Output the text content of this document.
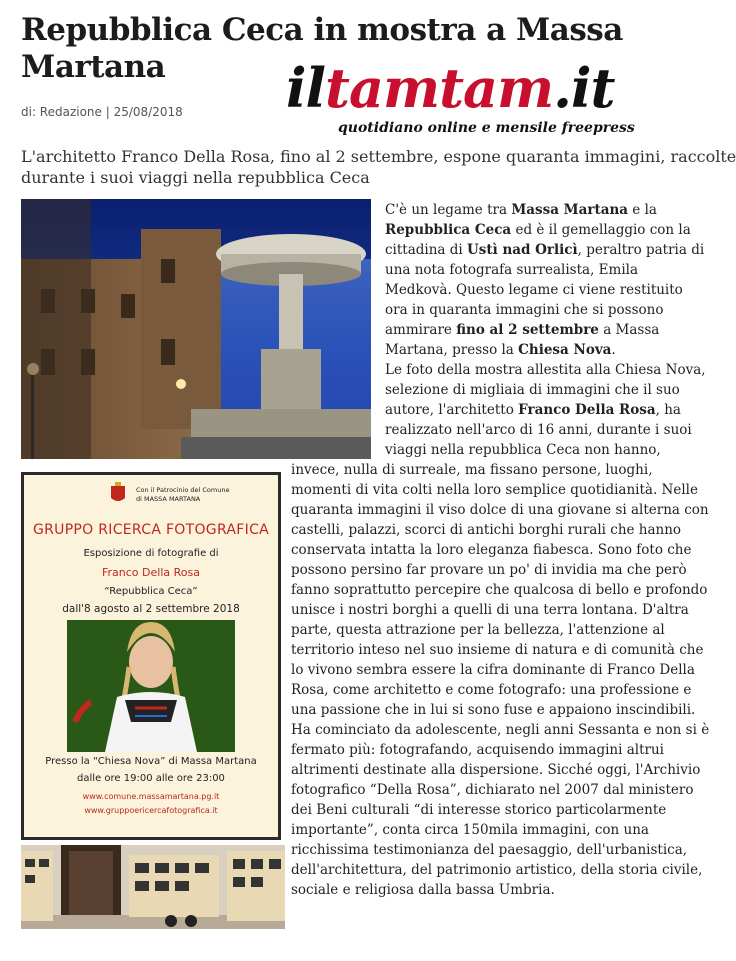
Repubblica Ceca in mostra a Massa
Martana	iltamtam.it
quotidiano online e mensile freepress
di: Redazione | 25/08/2018
L'architetto Franco Della Rosa, fino al 2 settembre, espone quaranta immagini, raccolte
durante i suoi viaggi nella repubblica Ceca
Con il Patrocinio del Comune
di MASSA MARTANA
GRUPPO RICERCA FOTOGRAFICA
Esposizione di fotografie di
Franco Della Rosa
“Repubblica Ceca”
dall'8 agosto al 2 settembre 2018
Presso la “Chiesa Nova” di Massa Martana
dalle ore 19:00 alle ore 23:00
www.comune.massamartana.pg.it
www.gruppoericercafotografica.it
C'è un legame tra Massa Martana e la
Repubblica Ceca ed è il gemellaggio con la
cittadina di Ustì nad Orlicì, peraltro patria di
una nota fotografa surrealista, Emila
Medkovà. Questo legame ci viene restituito
ora in quaranta immagini che si possono
ammirare fino al 2 settembre a Massa
Martana, presso la Chiesa Nova.
Le foto della mostra allestita alla Chiesa Nova,
selezione di migliaia di immagini che il suo
autore, l'architetto Franco Della Rosa, ha
realizzato nell'arco di 16 anni, durante i suoi
viaggi nella repubblica Ceca non hanno,
invece, nulla di surreale, ma fissano persone, luoghi,
momenti di vita colti nella loro semplice quotidianità. Nelle
quaranta immagini il viso dolce di una giovane si alterna con
castelli, palazzi, scorci di antichi borghi rurali che hanno
conservata intatta la loro eleganza fiabesca. Sono foto che
possono persino far provare un po' di invidia ma che però
fanno soprattutto percepire che qualcosa di bello e profondo
unisce i nostri borghi a quelli di una terra lontana. D'altra
parte, questa attrazione per la bellezza, l'attenzione al
territorio inteso nel suo insieme di natura e di comunità che
lo vivono sembra essere la cifra dominante di Franco Della
Rosa, come architetto e come fotografo: una professione e
una passione che in lui si sono fuse e appaiono inscindibili.
Ha cominciato da adolescente, negli anni Sessanta e non si è
fermato più: fotografando, acquisendo immagini altrui
altrimenti destinate alla dispersione. Sicché oggi, l'Archivio
fotografico “Della Rosa”, dichiarato nel 2007 dal ministero
dei Beni culturali “di interesse storico particolarmente
importante”, conta circa 150mila immagini, con una
ricchissima testimonianza del paesaggio, dell'urbanistica,
dell'architettura, del patrimonio artistico, della storia civile,
sociale e religiosa dalla bassa Umbria.
